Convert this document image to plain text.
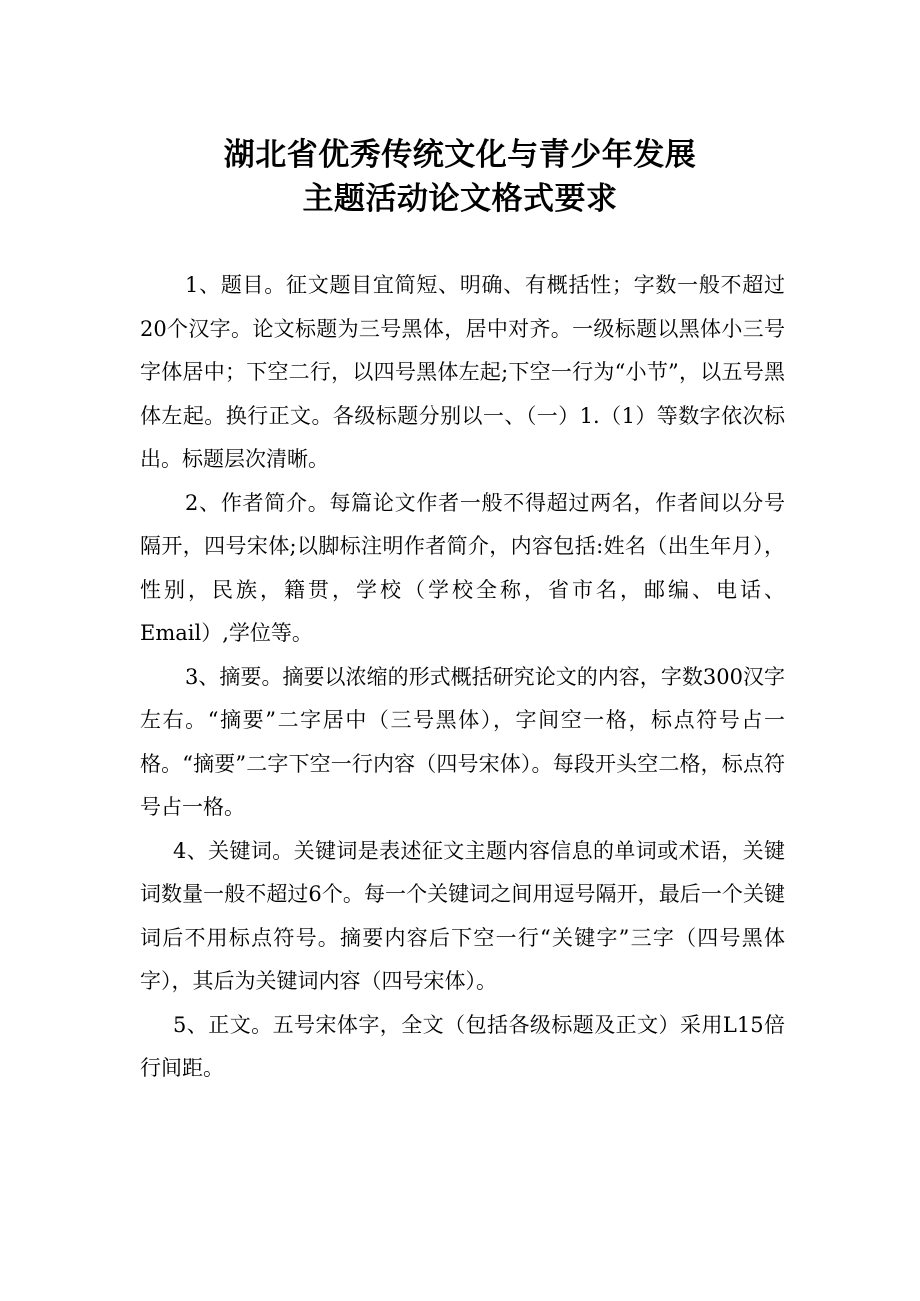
湖北省优秀传统文化与青少年发展
主题活动论文格式要求

1、题目。征文题目宜简短、明确、有概括性；字数一般不超过20个汉字。论文标题为三号黑体，居中对齐。一级标题以黑体小三号字体居中；下空二行，以四号黑体左起;下空一行为“小节”，以五号黑体左起。换行正文。各级标题分别以一、（一）1.（1）等数字依次标出。标题层次清晰。

2、作者简介。每篇论文作者一般不得超过两名，作者间以分号隔开，四号宋体;以脚标注明作者简介，内容包括:姓名（出生年月），性别，民族，籍贯，学校（学校全称，省市名，邮编、电话、Email）,学位等。

3、摘要。摘要以浓缩的形式概括研究论文的内容，字数300汉字左右。“摘要”二字居中（三号黑体），字间空一格，标点符号占一格。“摘要”二字下空一行内容（四号宋体）。每段开头空二格，标点符号占一格。

4、关键词。关键词是表述征文主题内容信息的单词或术语，关键词数量一般不超过6个。每一个关键词之间用逗号隔开，最后一个关键词后不用标点符号。摘要内容后下空一行“关键字”三字（四号黑体字），其后为关键词内容（四号宋体）。

5、正文。五号宋体字，全文（包括各级标题及正文）采用L15倍行间距。
